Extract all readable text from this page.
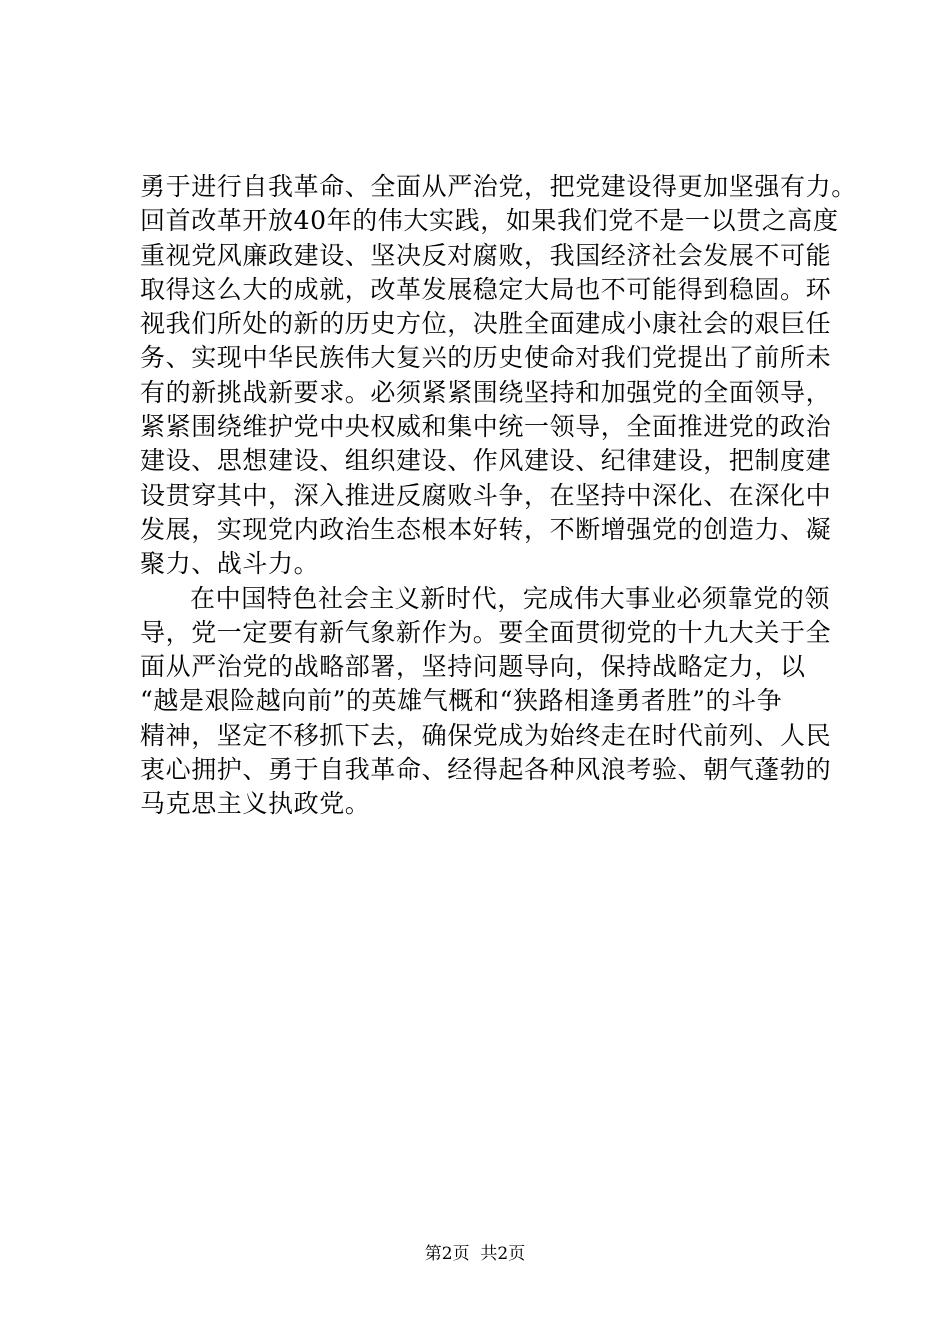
勇于进行自我革命、全面从严治党，把党建设得更加坚强有力。
回首改革开放40年的伟大实践，如果我们党不是一以贯之高度
重视党风廉政建设、坚决反对腐败，我国经济社会发展不可能
取得这么大的成就，改革发展稳定大局也不可能得到稳固。环
视我们所处的新的历史方位，决胜全面建成小康社会的艰巨任
务、实现中华民族伟大复兴的历史使命对我们党提出了前所未
有的新挑战新要求。必须紧紧围绕坚持和加强党的全面领导，
紧紧围绕维护党中央权威和集中统一领导，全面推进党的政治
建设、思想建设、组织建设、作风建设、纪律建设，把制度建
设贯穿其中，深入推进反腐败斗争，在坚持中深化、在深化中
发展，实现党内政治生态根本好转，不断增强党的创造力、凝
聚力、战斗力。
在中国特色社会主义新时代，完成伟大事业必须靠党的领
导，党一定要有新气象新作为。要全面贯彻党的十九大关于全
面从严治党的战略部署，坚持问题导向，保持战略定力，以
“越是艰险越向前”的英雄气概和“狭路相逢勇者胜”的斗争
精神，坚定不移抓下去，确保党成为始终走在时代前列、人民
衷心拥护、勇于自我革命、经得起各种风浪考验、朝气蓬勃的
马克思主义执政党。
第2页  共2页
